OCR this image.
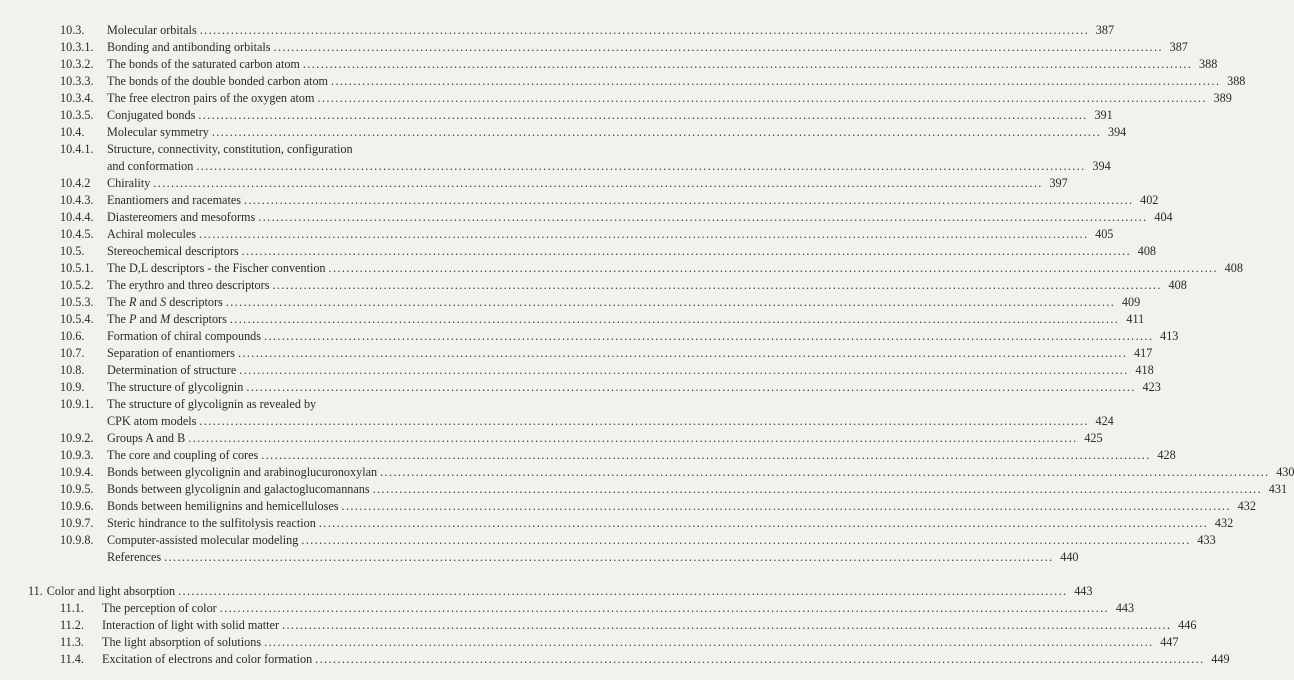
10.3. Molecular orbitals ........................................................................................................................................................................................................ 387
10.3.1. Bonding and antibonding orbitals ........................................................................................................................................................................................................ 387
10.3.2. The bonds of the saturated carbon atom ........................................................................................................................................................................................................ 388
10.3.3. The bonds of the double bonded carbon atom ........................................................................................................................................................................................................ 388
10.3.4. The free electron pairs of the oxygen atom ........................................................................................................................................................................................................ 389
10.3.5. Conjugated bonds ........................................................................................................................................................................................................ 391
10.4. Molecular symmetry ........................................................................................................................................................................................................ 394
10.4.1. Structure, connectivity, constitution, configuration
and conformation ........................................................................................................................................................................................................ 394
10.4.2 Chirality ........................................................................................................................................................................................................ 397
10.4.3. Enantiomers and racemates ........................................................................................................................................................................................................ 402
10.4.4. Diastereomers and mesoforms ........................................................................................................................................................................................................ 404
10.4.5. Achiral molecules ........................................................................................................................................................................................................ 405
10.5. Stereochemical descriptors ........................................................................................................................................................................................................ 408
10.5.1. The D,L descriptors - the Fischer convention ........................................................................................................................................................................................................ 408
10.5.2. The erythro and threo descriptors ........................................................................................................................................................................................................ 408
10.5.3. The R and S descriptors ........................................................................................................................................................................................................ 409
10.5.4. The P and M descriptors ........................................................................................................................................................................................................ 411
10.6. Formation of chiral compounds ........................................................................................................................................................................................................ 413
10.7. Separation of enantiomers ........................................................................................................................................................................................................ 417
10.8. Determination of structure ........................................................................................................................................................................................................ 418
10.9. The structure of glycolignin ........................................................................................................................................................................................................ 423
10.9.1. The structure of glycolignin as revealed by
CPK atom models ........................................................................................................................................................................................................ 424
10.9.2. Groups A and B ........................................................................................................................................................................................................ 425
10.9.3. The core and coupling of cores ........................................................................................................................................................................................................ 428
10.9.4. Bonds between glycolignin and arabinoglucuronoxylan ........................................................................................................................................................................................................ 430
10.9.5. Bonds between glycolignin and galactoglucomannans ........................................................................................................................................................................................................ 431
10.9.6. Bonds between hemilignins and hemicelluloses ........................................................................................................................................................................................................ 432
10.9.7. Steric hindrance to the sulfitolysis reaction ........................................................................................................................................................................................................ 432
10.9.8. Computer-assisted molecular modeling ........................................................................................................................................................................................................ 433
References ........................................................................................................................................................................................................ 440
11. Color and light absorption ........................................................................................................................................................................................................ 443
11.1. The perception of color ........................................................................................................................................................................................................ 443
11.2. Interaction of light with solid matter ........................................................................................................................................................................................................ 446
11.3. The light absorption of solutions ........................................................................................................................................................................................................ 447
11.4. Excitation of electrons and color formation ........................................................................................................................................................................................................ 449
